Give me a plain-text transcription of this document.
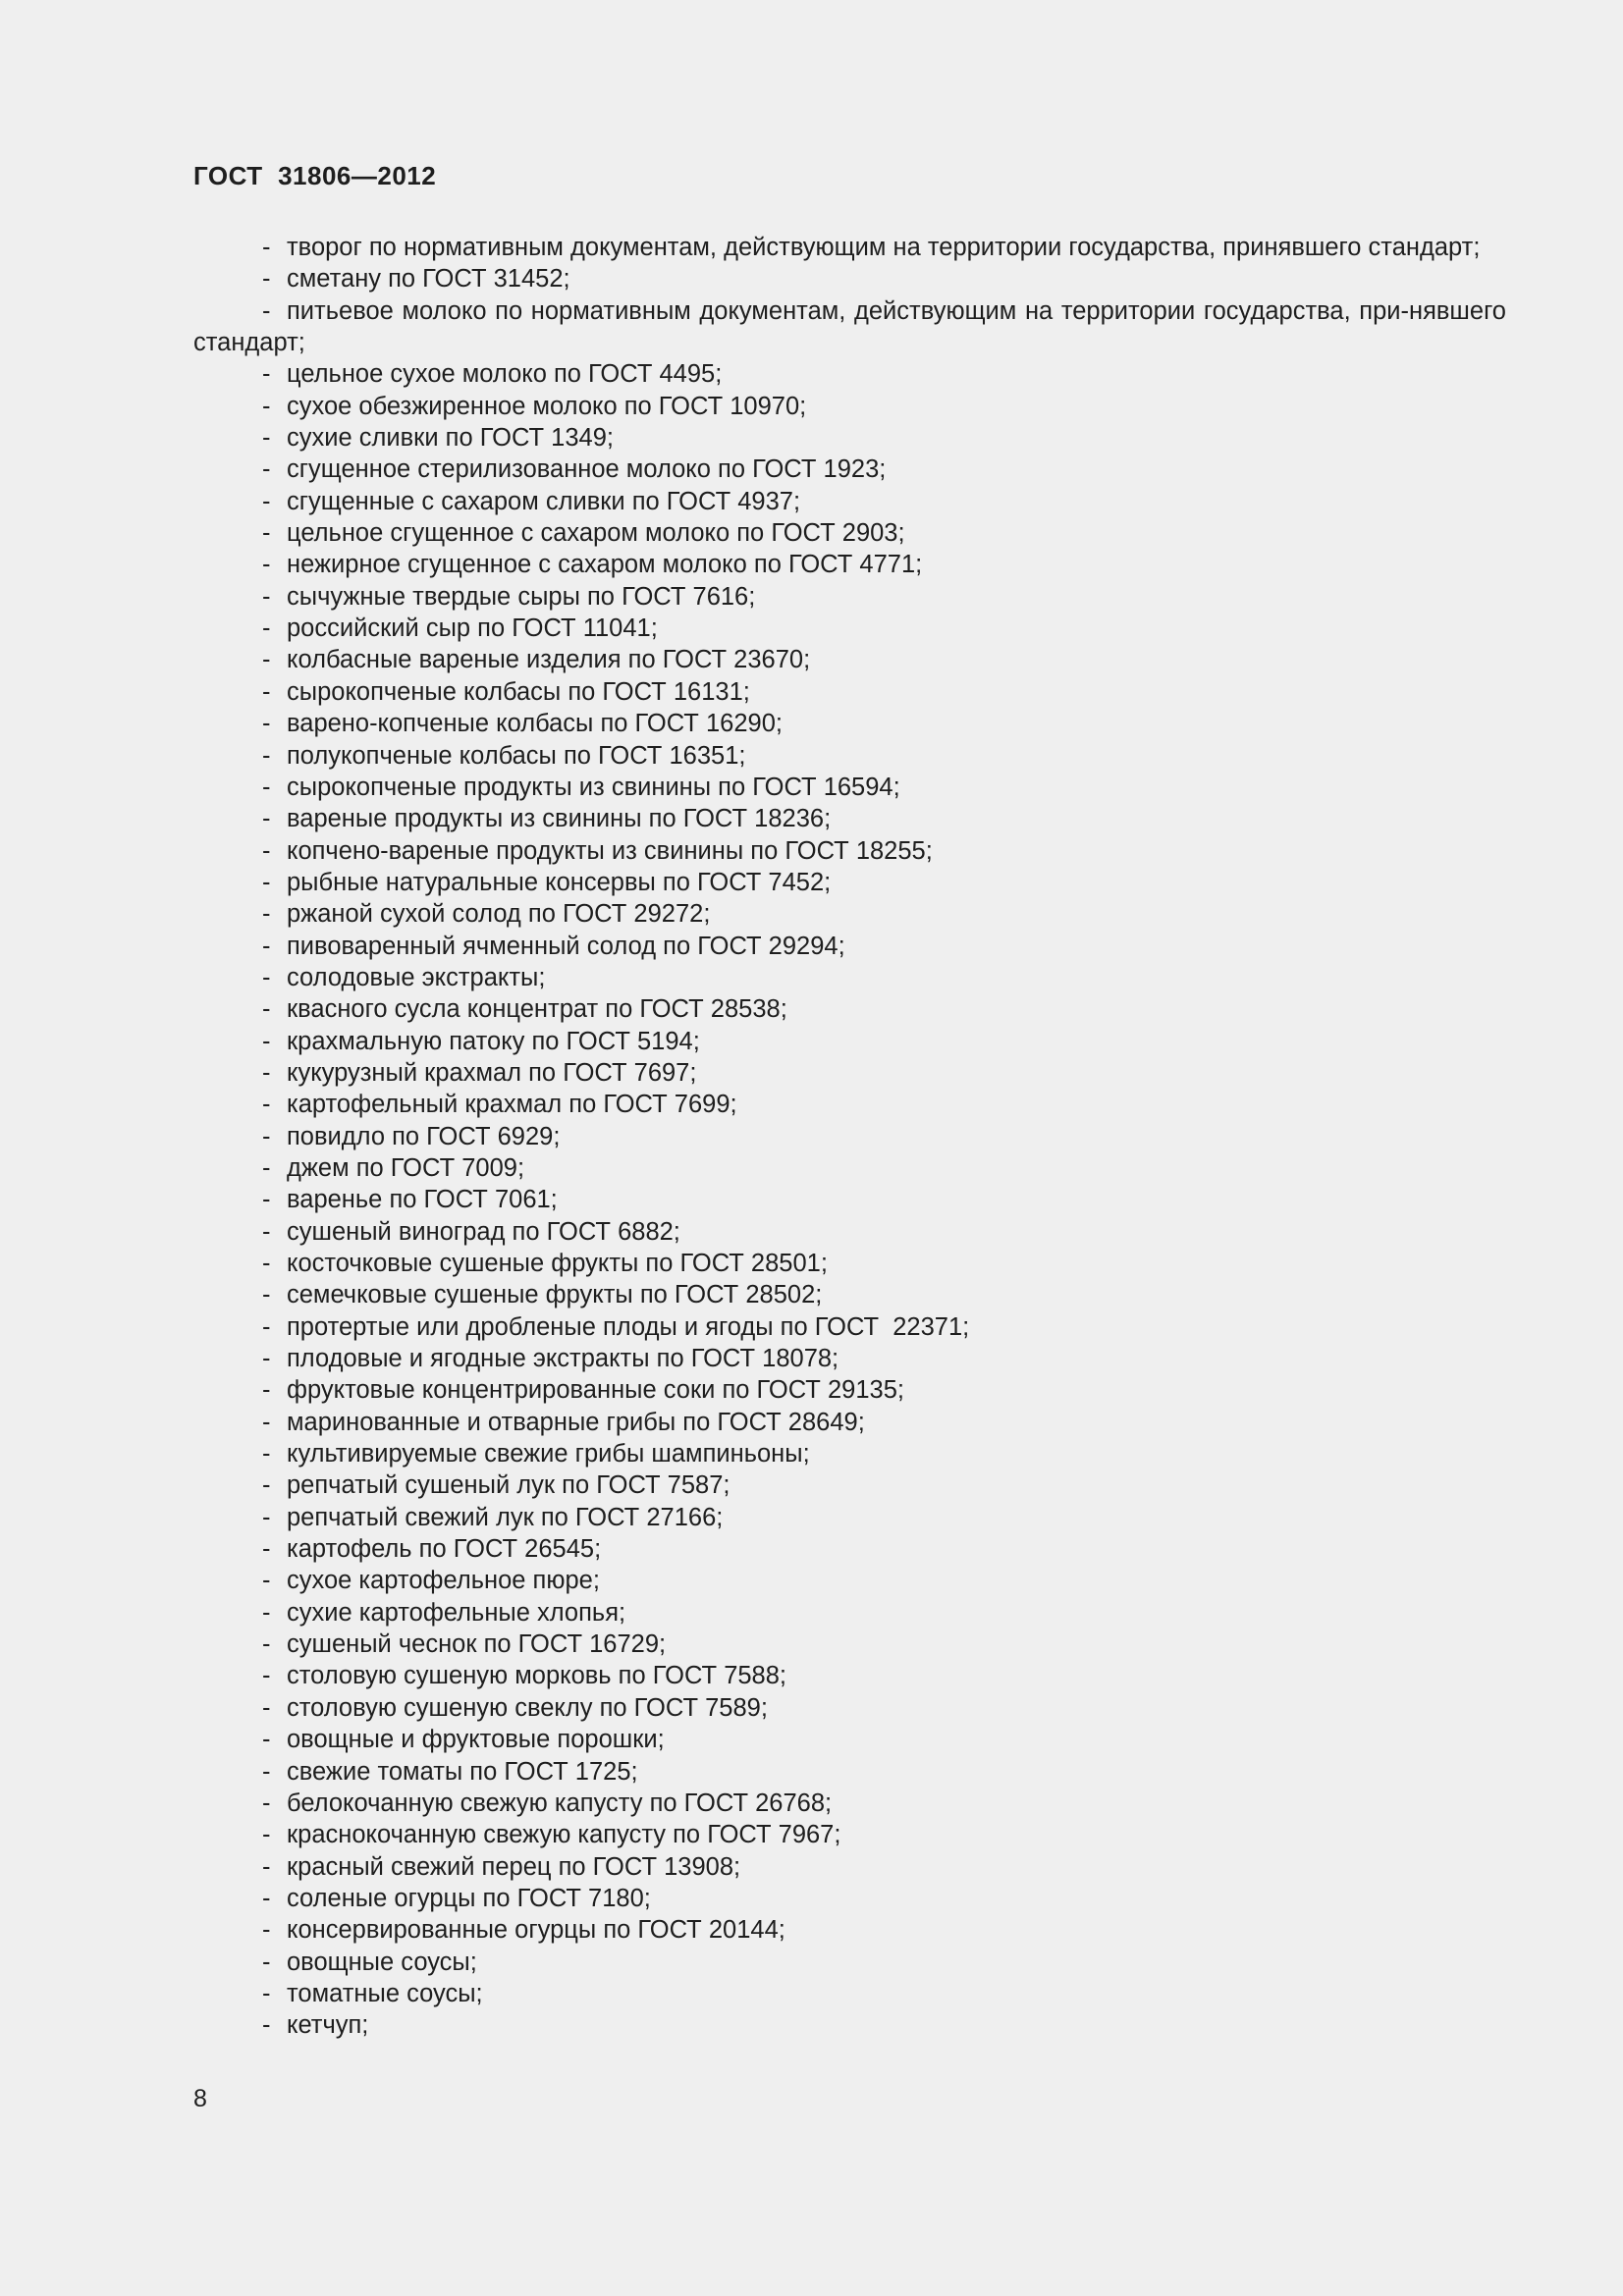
ГОСТ  31806—2012

- творог по нормативным документам, действующим на территории государства, принявшего стандарт;

- сметану по ГОСТ 31452;

- питьевое молоко по нормативным документам, действующим на территории государства, при-нявшего стандарт;

- цельное сухое молоко по ГОСТ 4495;

- сухое обезжиренное молоко по ГОСТ 10970;

- сухие сливки по ГОСТ 1349;

- сгущенное стерилизованное молоко по ГОСТ 1923;

- сгущенные с сахаром сливки по ГОСТ 4937;

- цельное сгущенное с сахаром молоко по ГОСТ 2903;

- нежирное сгущенное с сахаром молоко по ГОСТ 4771;

- сычужные твердые сыры по ГОСТ 7616;

- российский сыр по ГОСТ 11041;

- колбасные вареные изделия по ГОСТ 23670;

- сырокопченые колбасы по ГОСТ 16131;

- варено-копченые колбасы по ГОСТ 16290;

- полукопченые колбасы по ГОСТ 16351;

- сырокопченые продукты из свинины по ГОСТ 16594;

- вареные продукты из свинины по ГОСТ 18236;

- копчено-вареные продукты из свинины по ГОСТ 18255;

- рыбные натуральные консервы по ГОСТ 7452;

- ржаной сухой солод по ГОСТ 29272;

- пивоваренный ячменный солод по ГОСТ 29294;

- солодовые экстракты;

- квасного сусла концентрат по ГОСТ 28538;

- крахмальную патоку по ГОСТ 5194;

- кукурузный крахмал по ГОСТ 7697;

- картофельный крахмал по ГОСТ 7699;

- повидло по ГОСТ 6929;

- джем по ГОСТ 7009;

- варенье по ГОСТ 7061;

- сушеный виноград по ГОСТ 6882;

- косточковые сушеные фрукты по ГОСТ 28501;

- семечковые сушеные фрукты по ГОСТ 28502;

- протертые или дробленые плоды и ягоды по ГОСТ  22371;

- плодовые и ягодные экстракты по ГОСТ 18078;

- фруктовые концентрированные соки по ГОСТ 29135;

- маринованные и отварные грибы по ГОСТ 28649;

- культивируемые свежие грибы шампиньоны;

- репчатый сушеный лук по ГОСТ 7587;

- репчатый свежий лук по ГОСТ 27166;

- картофель по ГОСТ 26545;

- сухое картофельное пюре;

- сухие картофельные хлопья;

- сушеный чеснок по ГОСТ 16729;

- столовую сушеную морковь по ГОСТ 7588;

- столовую сушеную свеклу по ГОСТ 7589;

- овощные и фруктовые порошки;

- свежие томаты по ГОСТ 1725;

- белокочанную свежую капусту по ГОСТ 26768;

- краснокочанную свежую капусту по ГОСТ 7967;

- красный свежий перец по ГОСТ 13908;

- соленые огурцы по ГОСТ 7180;

- консервированные огурцы по ГОСТ 20144;

- овощные соусы;

- томатные соусы;

- кетчуп;

8
